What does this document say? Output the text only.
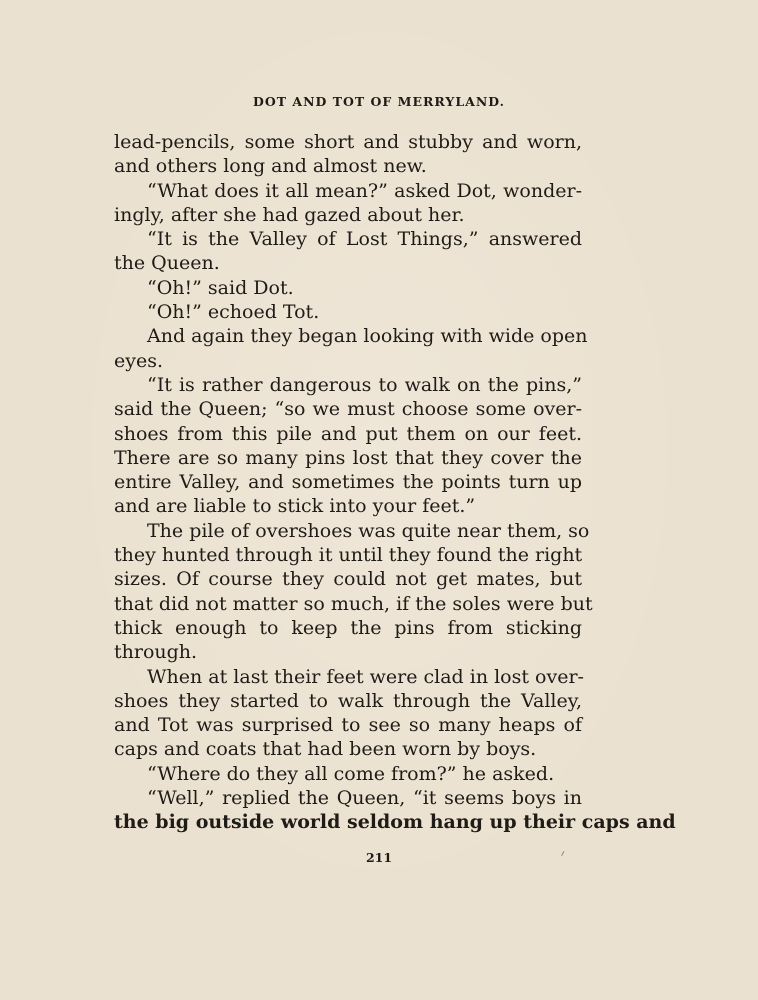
DOT AND TOT OF MERRYLAND.
lead-pencils, some short and stubby and worn,
and others long and almost new.
“What does it all mean?” asked Dot, wonder-
ingly, after she had gazed about her.
“It is the Valley of Lost Things,” answered
the Queen.
“Oh!” said Dot.
“Oh!” echoed Tot.
And again they began looking with wide open
eyes.
“It is rather dangerous to walk on the pins,”
said the Queen; “so we must choose some over-
shoes from this pile and put them on our feet.
There are so many pins lost that they cover the
entire Valley, and sometimes the points turn up
and are liable to stick into your feet.”
The pile of overshoes was quite near them, so
they hunted through it until they found the right
sizes. Of course they could not get mates, but
that did not matter so much, if the soles were but
thick enough to keep the pins from sticking
through.
When at last their feet were clad in lost over-
shoes they started to walk through the Valley,
and Tot was surprised to see so many heaps of
caps and coats that had been worn by boys.
“Where do they all come from?” he asked.
“Well,” replied the Queen, “it seems boys in
the big outside world seldom hang up their caps and
211
